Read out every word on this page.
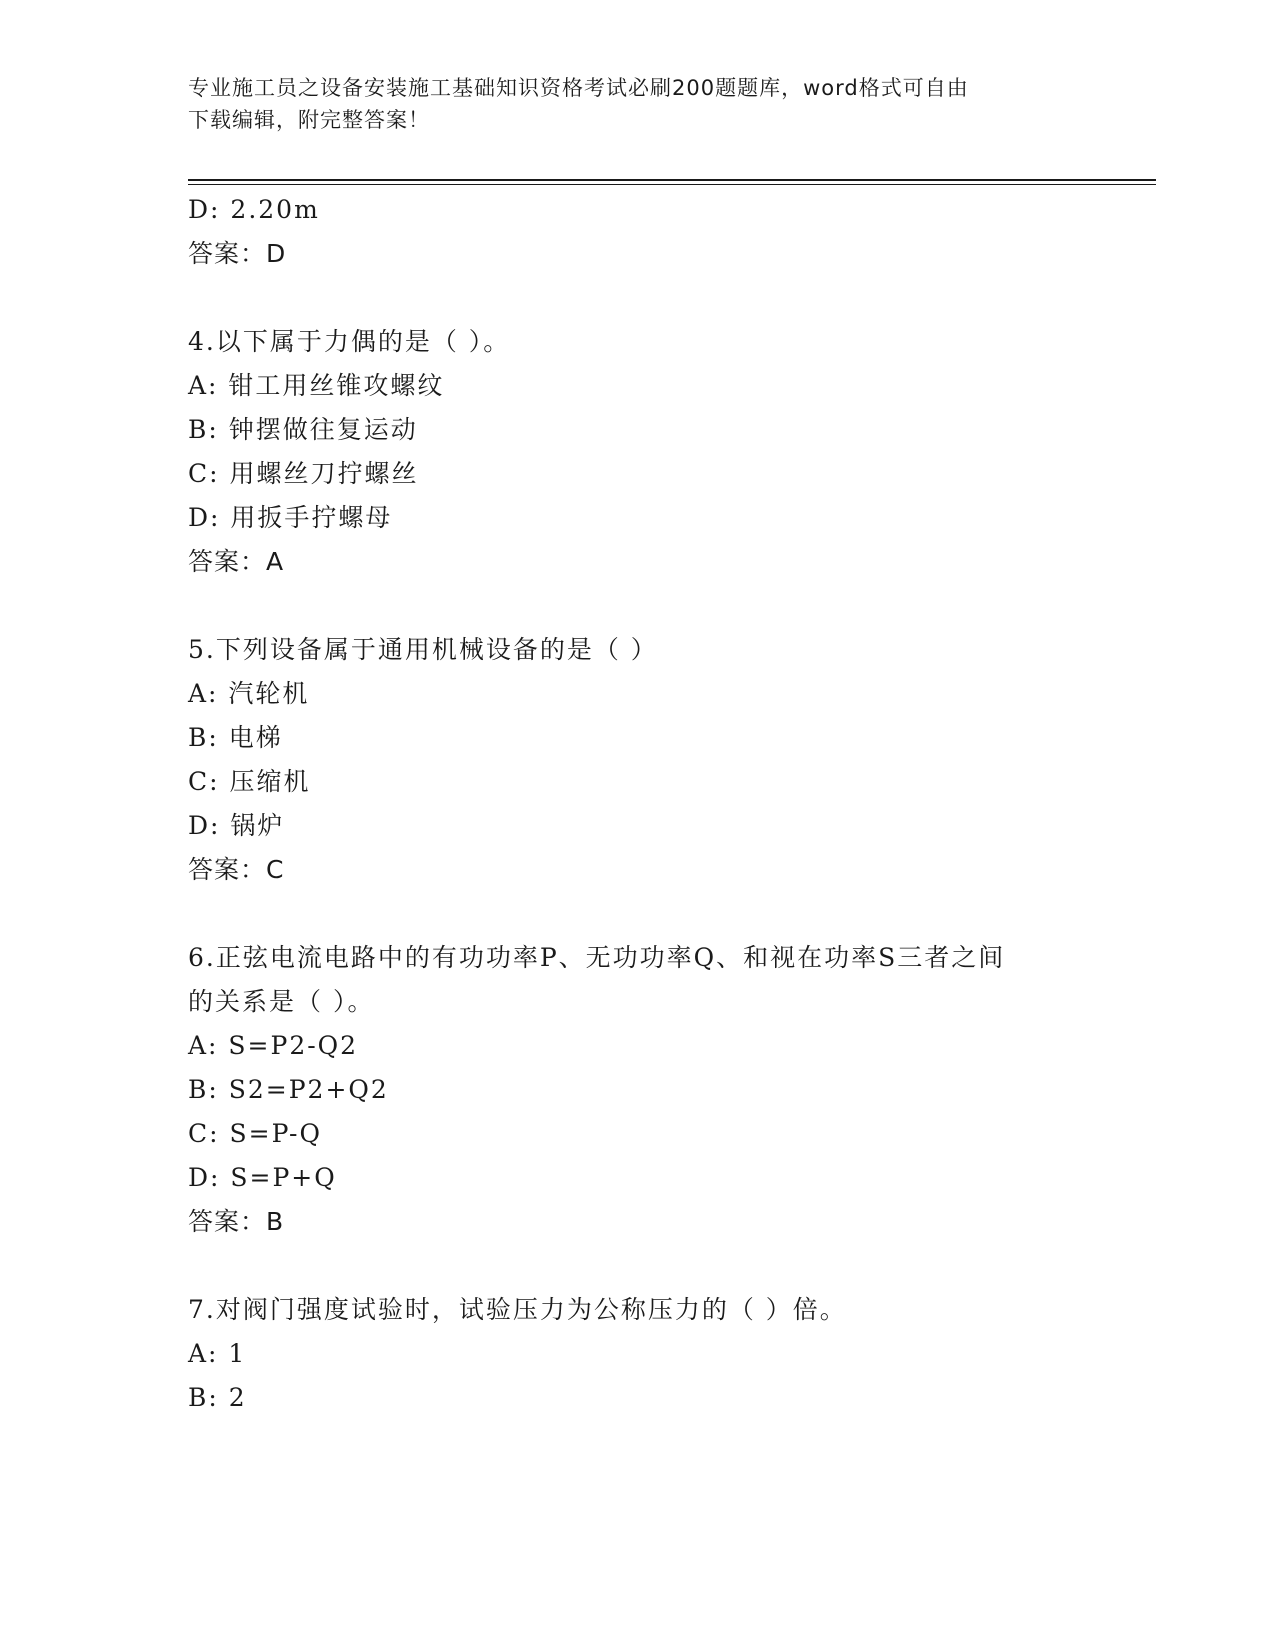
专业施工员之设备安装施工基础知识资格考试必刷200题题库，word格式可自由
下载编辑，附完整答案！
D: 2.20m
答案：D
4.以下属于力偶的是（ ）。
A: 钳工用丝锥攻螺纹
B: 钟摆做往复运动
C: 用螺丝刀拧螺丝
D: 用扳手拧螺母
答案：A
5.下列设备属于通用机械设备的是（ ）
A: 汽轮机
B: 电梯
C: 压缩机
D: 锅炉
答案：C
6.正弦电流电路中的有功功率P、无功功率Q、和视在功率S三者之间
的关系是（ ）。
A: S=P2-Q2
B: S2=P2+Q2
C: S=P-Q
D: S=P+Q
答案：B
7.对阀门强度试验时，试验压力为公称压力的（ ）倍。
A: 1
B: 2
